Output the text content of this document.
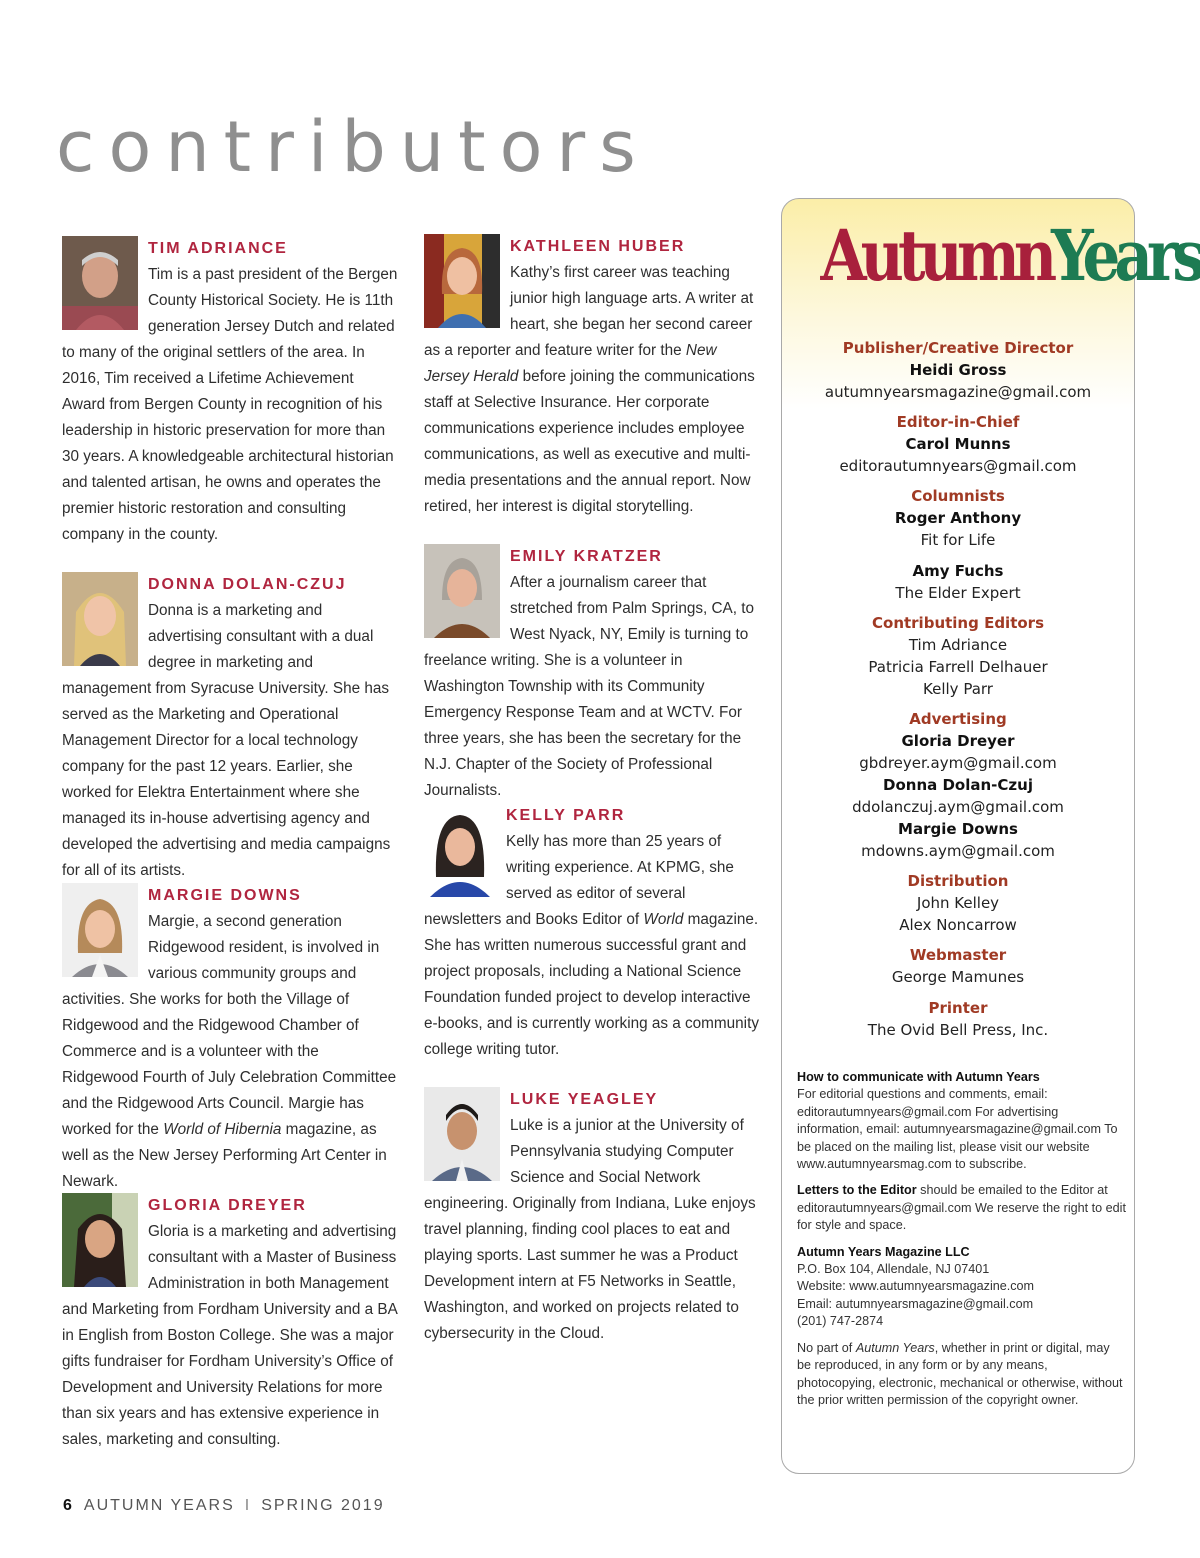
contributors
TIM ADRIANCE

Tim is a past president of the Bergen County Historical Society. He is 11th generation Jersey Dutch and related to many of the original settlers of the area. In 2016, Tim received a Lifetime Achievement Award from Bergen County in recognition of his leadership in historic preservation for more than 30 years. A knowledgeable architectural historian and talented artisan, he owns and operates the premier historic restoration and consulting company in the county.

DONNA DOLAN-CZUJ

Donna is a marketing and advertising consultant with a dual degree in marketing and management from Syracuse University. She has served as the Marketing and Operational Management Director for a local technology company for the past 12 years. Earlier, she worked for Elektra Entertainment where she managed its in-house advertising agency and developed the advertising and media campaigns for all of its artists.

MARGIE DOWNS

Margie, a second generation Ridgewood resident, is involved in various community groups and activities. She works for both the Village of Ridgewood and the Ridgewood Chamber of Commerce and is a volunteer with the Ridgewood Fourth of July Celebration Committee and the Ridgewood Arts Council. Margie has worked for the World of Hibernia magazine, as well as the New Jersey Performing Art Center in Newark.

GLORIA DREYER

Gloria is a marketing and advertising consultant with a Master of Business Administration in both Management and Marketing from Fordham University and a BA in English from Boston College. She was a major gifts fundraiser for Fordham University’s Office of Development and University Relations for more than six years and has extensive experience in sales, marketing and consulting.

KATHLEEN HUBER

Kathy’s first career was teaching junior high language arts. A writer at heart, she began her second career as a reporter and feature writer for the New Jersey Herald before joining the communications staff at Selective Insurance. Her corporate communications experience includes employee communications, as well as executive and multi-media presentations and the annual report. Now retired, her interest is digital storytelling.

EMILY KRATZER

After a journalism career that stretched from Palm Springs, CA, to West Nyack, NY, Emily is turning to freelance writing. She is a volunteer in Washington Township with its Community Emergency Response Team and at WCTV. For three years, she has been the secretary for the N.J. Chapter of the Society of Professional Journalists.

KELLY PARR

Kelly has more than 25 years of writing experience. At KPMG, she served as editor of several newsletters and Books Editor of World magazine. She has written numerous successful grant and project proposals, including a National Science Foundation funded project to develop interactive e-books, and is currently working as a community college writing tutor.

LUKE YEAGLEY

Luke is a junior at the University of Pennsylvania studying Computer Science and Social Network engineering. Originally from Indiana, Luke enjoys travel planning, finding cool places to eat and playing sports. Last summer he was a Product Development intern at F5 Networks in Seattle, Washington, and worked on projects related to cybersecurity in the Cloud.

AutumnYears
Publisher/Creative Director
Heidi Gross
autumnyearsmagazine@gmail.com
Editor-in-Chief
Carol Munns
editorautumnyears@gmail.com
Columnists
Roger Anthony
Fit for Life
Amy Fuchs
The Elder Expert
Contributing Editors
Tim Adriance
Patricia Farrell Delhauer
Kelly Parr
Advertising
Gloria Dreyer
gbdreyer.aym@gmail.com
Donna Dolan-Czuj
ddolanczuj.aym@gmail.com
Margie Downs
mdowns.aym@gmail.com
Distribution
John Kelley
Alex Noncarrow
Webmaster
George Mamunes
Printer
The Ovid Bell Press, Inc.
How to communicate with Autumn Years
For editorial questions and comments, email: editorautumnyears@gmail.com For advertising information, email: autumnyearsmagazine@gmail.com To be placed on the mailing list, please visit our website www.autumnyearsmag.com to subscribe.
Letters to the Editor should be emailed to the Editor at editorautumnyears@gmail.com We reserve the right to edit for style and space.
Autumn Years Magazine LLC
P.O. Box 104, Allendale, NJ 07401
Website: www.autumnyearsmagazine.com
Email: autumnyearsmagazine@gmail.com
(201) 747-2874
No part of Autumn Years, whether in print or digital, may be reproduced, in any form or by any means, photocopying, electronic, mechanical or otherwise, without the prior written permission of the copyright owner.
6 AUTUMN YEARS I SPRING 2019
